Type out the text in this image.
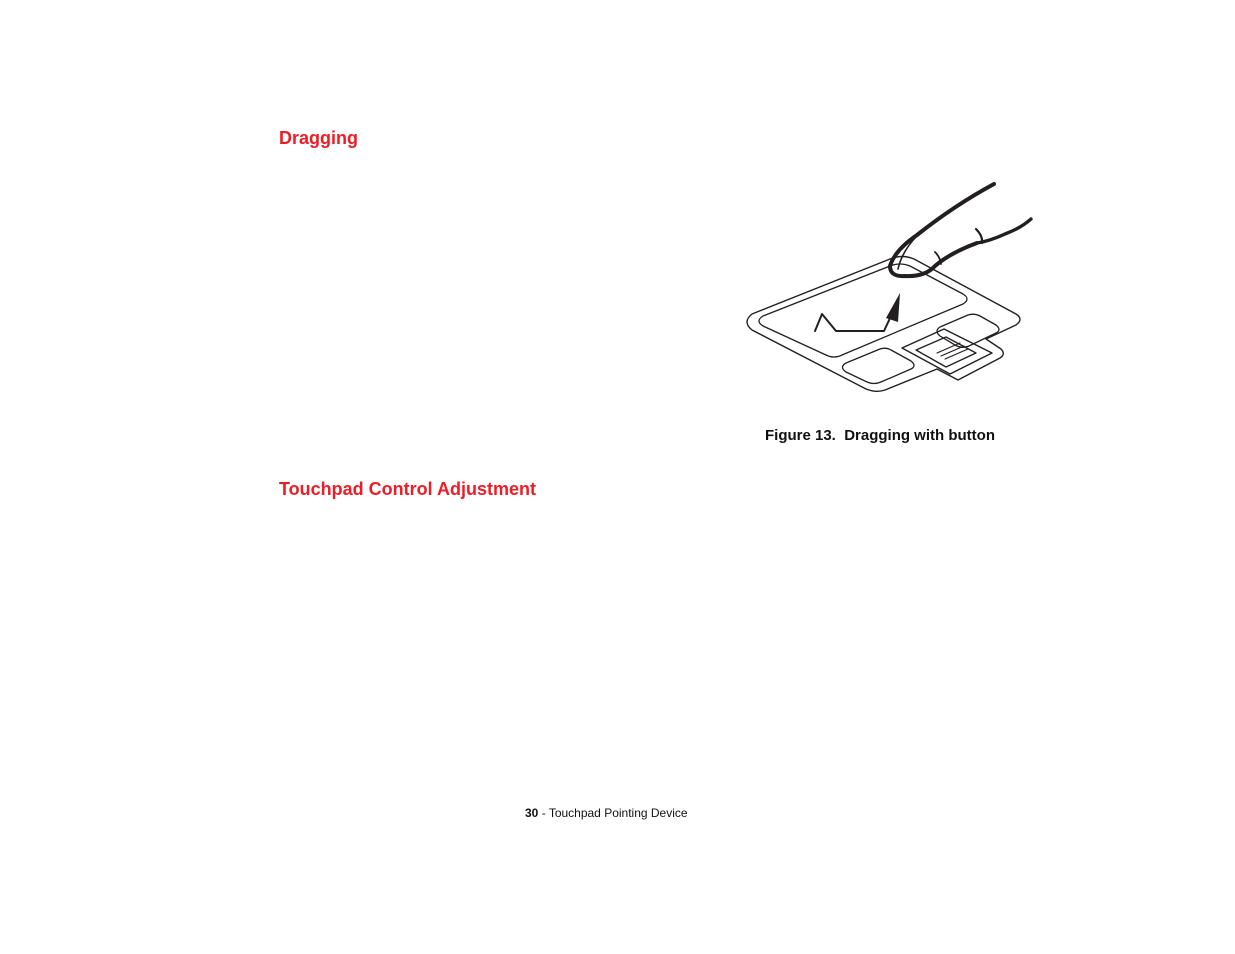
Dragging

Figure 13.  Dragging with button

Touchpad Control Adjustment

30 - Touchpad Pointing Device
